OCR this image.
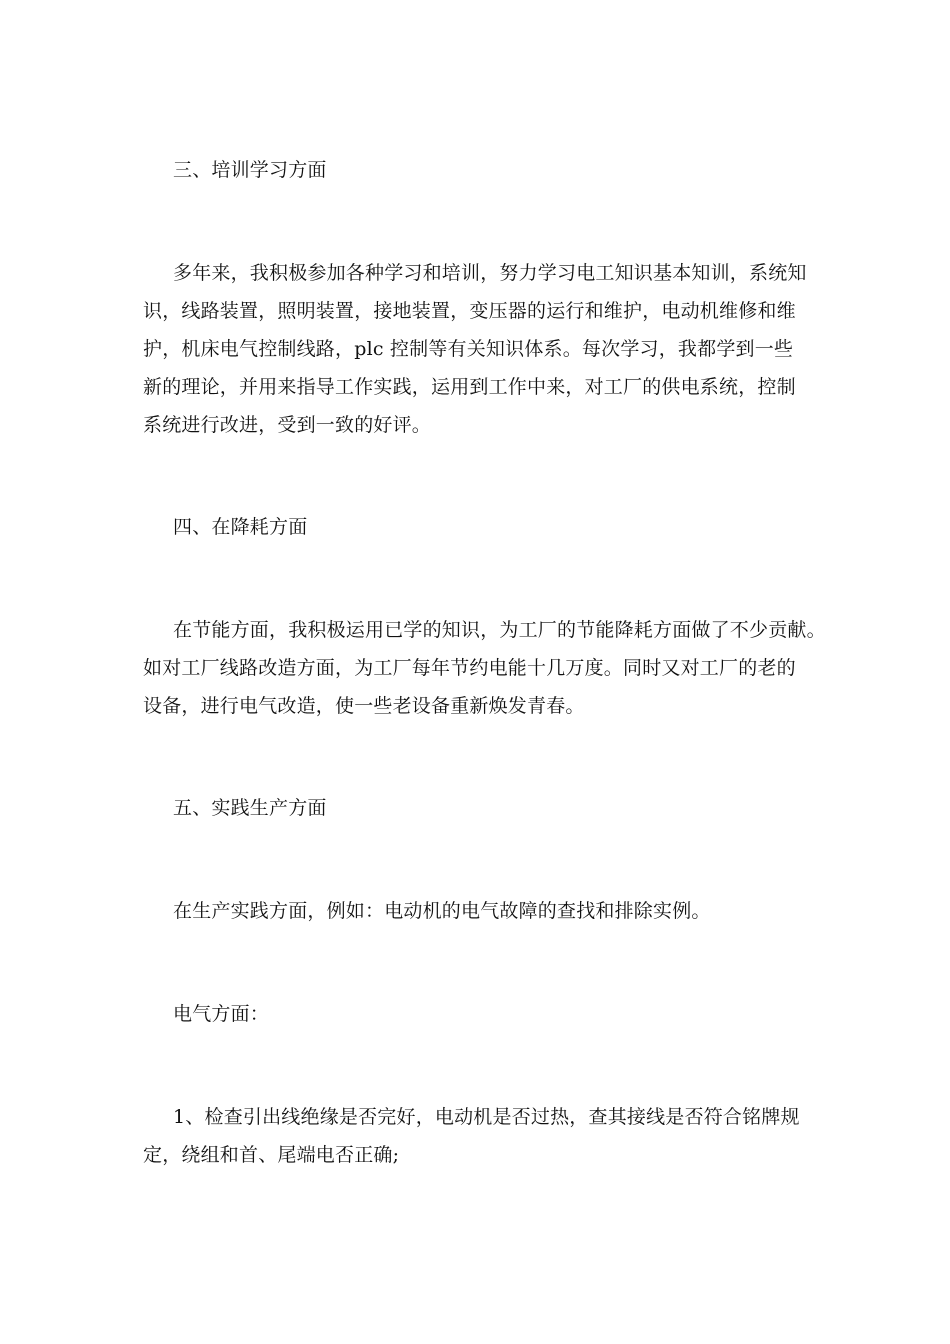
三、培训学习方面

多年来，我积极参加各种学习和培训，努力学习电工知识基本知训，系统知
识，线路装置，照明装置，接地装置，变压器的运行和维护，电动机维修和维
护，机床电气控制线路，plc 控制等有关知识体系。每次学习，我都学到一些
新的理论，并用来指导工作实践，运用到工作中来，对工厂的供电系统，控制
系统进行改进，受到一致的好评。

四、在降耗方面

在节能方面，我积极运用已学的知识，为工厂的节能降耗方面做了不少贡献。
如对工厂线路改造方面，为工厂每年节约电能十几万度。同时又对工厂的老的
设备，进行电气改造，使一些老设备重新焕发青春。

五、实践生产方面

在生产实践方面，例如：电动机的电气故障的查找和排除实例。

电气方面：

1、检查引出线绝缘是否完好，电动机是否过热，查其接线是否符合铭牌规
定，绕组和首、尾端电否正确;
